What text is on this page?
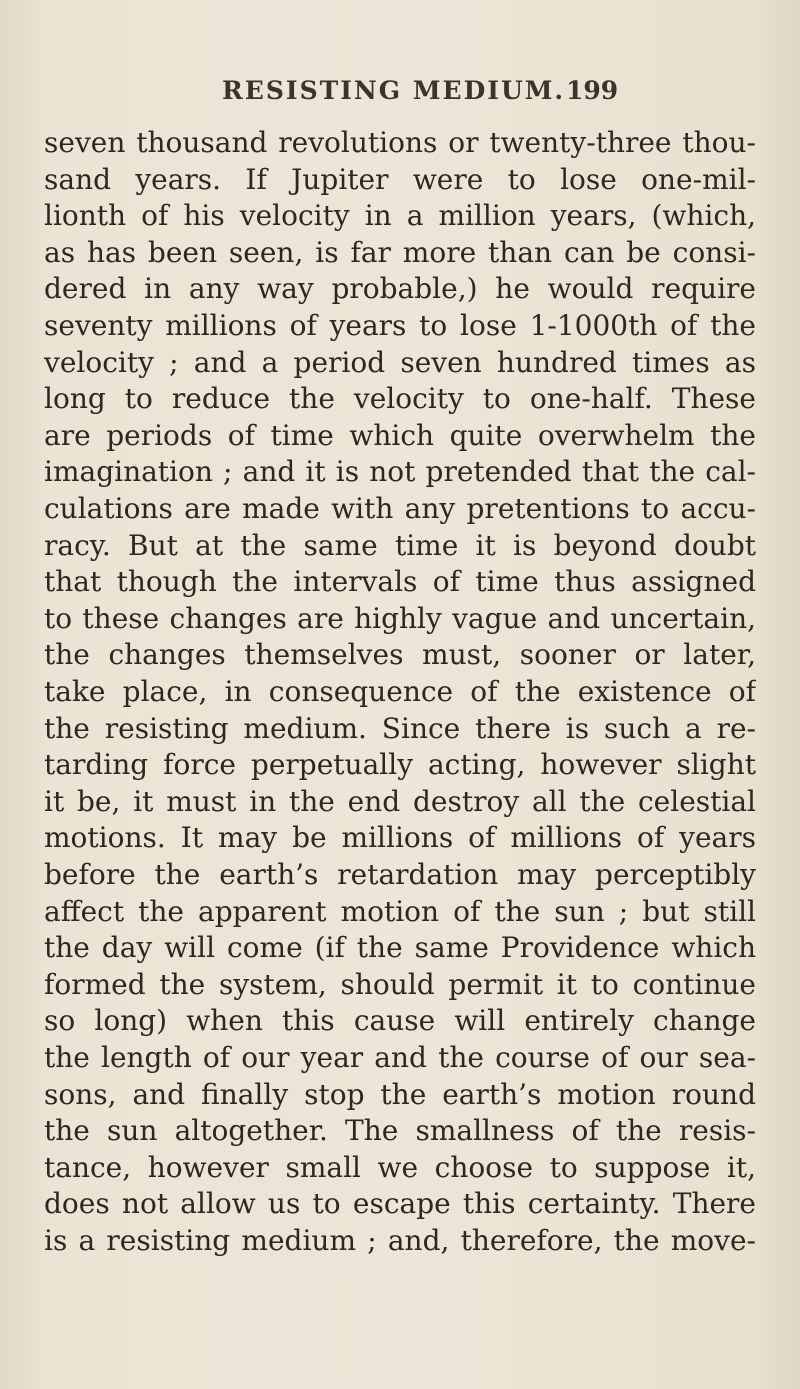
RESISTING MEDIUM. 199
seven thousand revolutions or twenty-three thou-
sand years. If Jupiter were to lose one-mil-
lionth of his velocity in a million years, (which,
as has been seen, is far more than can be consi-
dered in any way probable,) he would require
seventy millions of years to lose 1-1000th of the
velocity ; and a period seven hundred times as
long to reduce the velocity to one-half. These
are periods of time which quite overwhelm the
imagination ; and it is not pretended that the cal-
culations are made with any pretentions to accu-
racy. But at the same time it is beyond doubt
that though the intervals of time thus assigned
to these changes are highly vague and uncertain,
the changes themselves must, sooner or later,
take place, in consequence of the existence of
the resisting medium. Since there is such a re-
tarding force perpetually acting, however slight
it be, it must in the end destroy all the celestial
motions. It may be millions of millions of years
before the earth’s retardation may perceptibly
affect the apparent motion of the sun ; but still
the day will come (if the same Providence which
formed the system, should permit it to continue
so long) when this cause will entirely change
the length of our year and the course of our sea-
sons, and finally stop the earth’s motion round
the sun altogether. The smallness of the resis-
tance, however small we choose to suppose it,
does not allow us to escape this certainty. There
is a resisting medium ; and, therefore, the move-
